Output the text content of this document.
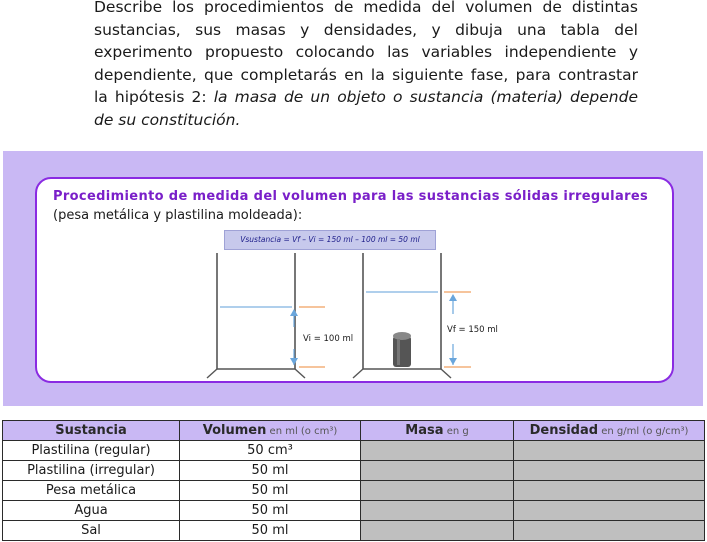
Describe los procedimientos de medida del volumen de distintas
sustancias, sus masas y densidades, y dibuja una tabla del
experimento propuesto colocando las variables independiente y
dependiente, que completarás en la siguiente fase, para contrastar
la hipótesis 2: la masa de un objeto o sustancia (materia) depende
de su constitución.
Procedimiento de medida del volumen para las sustancias sólidas irregulares
(pesa metálica y plastilina moldeada):
Vsustancia = Vf – Vi = 150 ml – 100 ml = 50 ml
Vi = 100 ml
Vf = 150 ml
Sustancia	Volumen en ml (o cm³)	Masa en g	Densidad en g/ml (o g/cm³)
Plastilina (regular)	50 cm³		
Plastilina (irregular)	50 ml		
Pesa metálica	50 ml		
Agua	50 ml		
Sal	50 ml		
